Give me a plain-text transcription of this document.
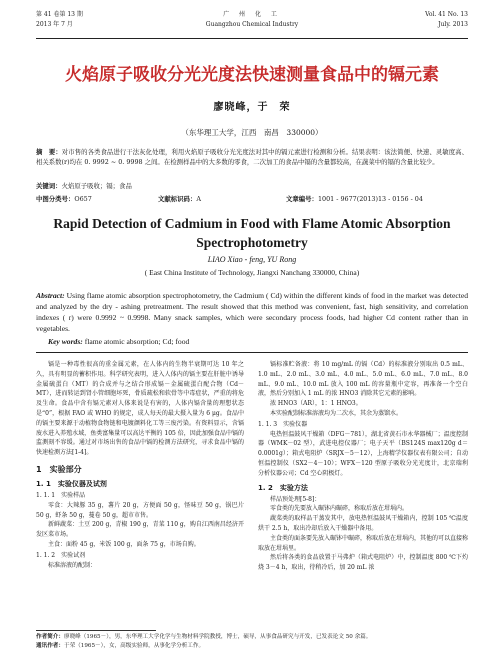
第 41 卷第 13 期
2013 年 7 月
广 州 化 工
Guangzhou Chemical Industry
Vol. 41 No. 13
July. 2013
火焰原子吸收分光光度法快速测量食品中的镉元素
廖晓峰，于　荣
（东华理工大学，江西　南昌　330000）
摘　要：对市售的各类食品进行干法灰化处理，利用火焰原子吸收分光光度法对其中的镉元素进行检测和分析。结果表明：该法简便、快速、灵敏度高、相关系数(r)均在 0. 9992 ~ 0. 9998 之间。在检测样品中的大多数的零食，二次加工的食品中镉的含量都较高，在蔬菜中的镉的含量比较少。
关键词：火焰原子吸收；镉；食品
中图分类号：O657	文献标识码：A	文章编号：1001 - 9677(2013)13 - 0156 - 04
Rapid Detection of Cadmium in Food with Flame Atomic Absorption Spectrophotometry
LIAO Xiao - feng, YU Rong
( East China Institute of Technology, Jiangxi Nanchang 330000, China)
Abstract: Using flame atomic absorption spectrophotometry, the Cadmium ( Cd) within the different kinds of food in the market was detected and analyzed by the dry - ashing pretreatment. The result showed that this method was convenient, fast, high sensitivity, and correlation indexes ( r) were 0.9992 ~ 0.9998. Many snack samples, which were secondary process foods, had higher Cd content rather than in vegetables.
Key words: flame atomic absorption; Cd; food

镉是一种毒性很高的重金属元素，在人体内的生物半衰期可达 10 年之久，具有明显的蓄积作用。科学研究表明，进入人体内的镉主要在肝脏中诱导金属硫蛋白（MT）的合成并与之结合形成镉－金属硫蛋白配合物（Cd－MT），进而转运到肾小管细胞坏死，骨质疏松和软骨等中毒症状，严重的将危及生命。食品中含有镉元素对人体来说是有害的，人体内镉含量的理想状态是“0”，根据 FAO 或 WHO 的规定，成人每天的最大摄入量为 6 μg。食品中的镉主要来源于动植物食物链和电镀颜料化工等三废污染。有资料显示，含镉废水进入养殖水域，鱼类富集量可以高达平衡的 105 倍，因此加强食品中镉的监测刻不容缓。通过对市场出售的食品中镉的检测方法研究，寻求食品中镉的快速检测方法[1-4]。

1　实验部分
1. 1　实验仪器及试剂
1. 1. 1　实验样品

零食：大辣豚 35 g，薯片 20 g，方便面 50 g，怪味豆 50 g，锅巴片 50 g，虾条 50 g，蔓卷 50 g，超市市售。

新鲜蔬菜：土豆 200 g，青椒 190 g，青菜 110 g，购自江西南昌经济开发区菜市场。

主食：面粉 45 g，米饭 100 g，面条 75 g，市场自购。

1. 1. 2　实验试剂

标准溶液的配制：

镉标准贮备液：将 10 mg/mL 的镉（Cd）的标准液分别取出 0.5 mL、1.0 mL、2.0 mL、3.0 mL、4.0 mL、5.0 mL、6.0 mL、7.0 mL、8.0 mL、9.0 mL、10.0 mL 放入 100 mL 的容量瓶中定容，再准备一个空白液，然后分别加入 1 mL 的浓 HNO3 消除其它元素的影响。

浓 HNO3（AR），1：1 HNO3。

本实验配制标准溶液均为二次水，其余为蒸馏水。

1. 1. 3　实验仪器

电热恒温鼓风干燥箱（DFG－781），湖北省黄石市永华器械厂；温度控制器（WMK－02 型），武进电控仪器厂；电子天平（BS124S max120g d＝0.0001g）；箱式电阻炉（SRJX－5－12），上海精学仪器仪表有限公司；自动恒温控制仪（SX2－4－10）；WFX－120 型原子吸收分光光度计，北京瑞利分析仪器公司；Cd 空心阴极灯。

1. 2　实验方法

样品预处理[5-8]：

零食类的先要放入碾钵内碾碎，称取后放在坩埚内。

蔬菜类的取样品干蒸发其中，放电热恒温鼓风干燥箱内，控制 105 ℃温度烘干 2.5 h，取出冷却后放入干燥器中备用。

主食类的面条要先放入碾钵中碾碎，称取后放在坩埚内，其他的可以直接称取放在坩埚里。

然后将各类的食品放置于马弗炉（箱式电阻炉）中，控制温度 800 ℃下灼烧 3－4 h，取出，待稍冷后，加 20 mL 浓

作者简介：廖晓峰（1965－），男，东华理工大学化学与生物材料学院教授，博士，硕导，从事食品研究与开发，已发表论文 50 余篇。
通讯作者：于荣（1965－），女，高级实验师，从事化学分析工作。
